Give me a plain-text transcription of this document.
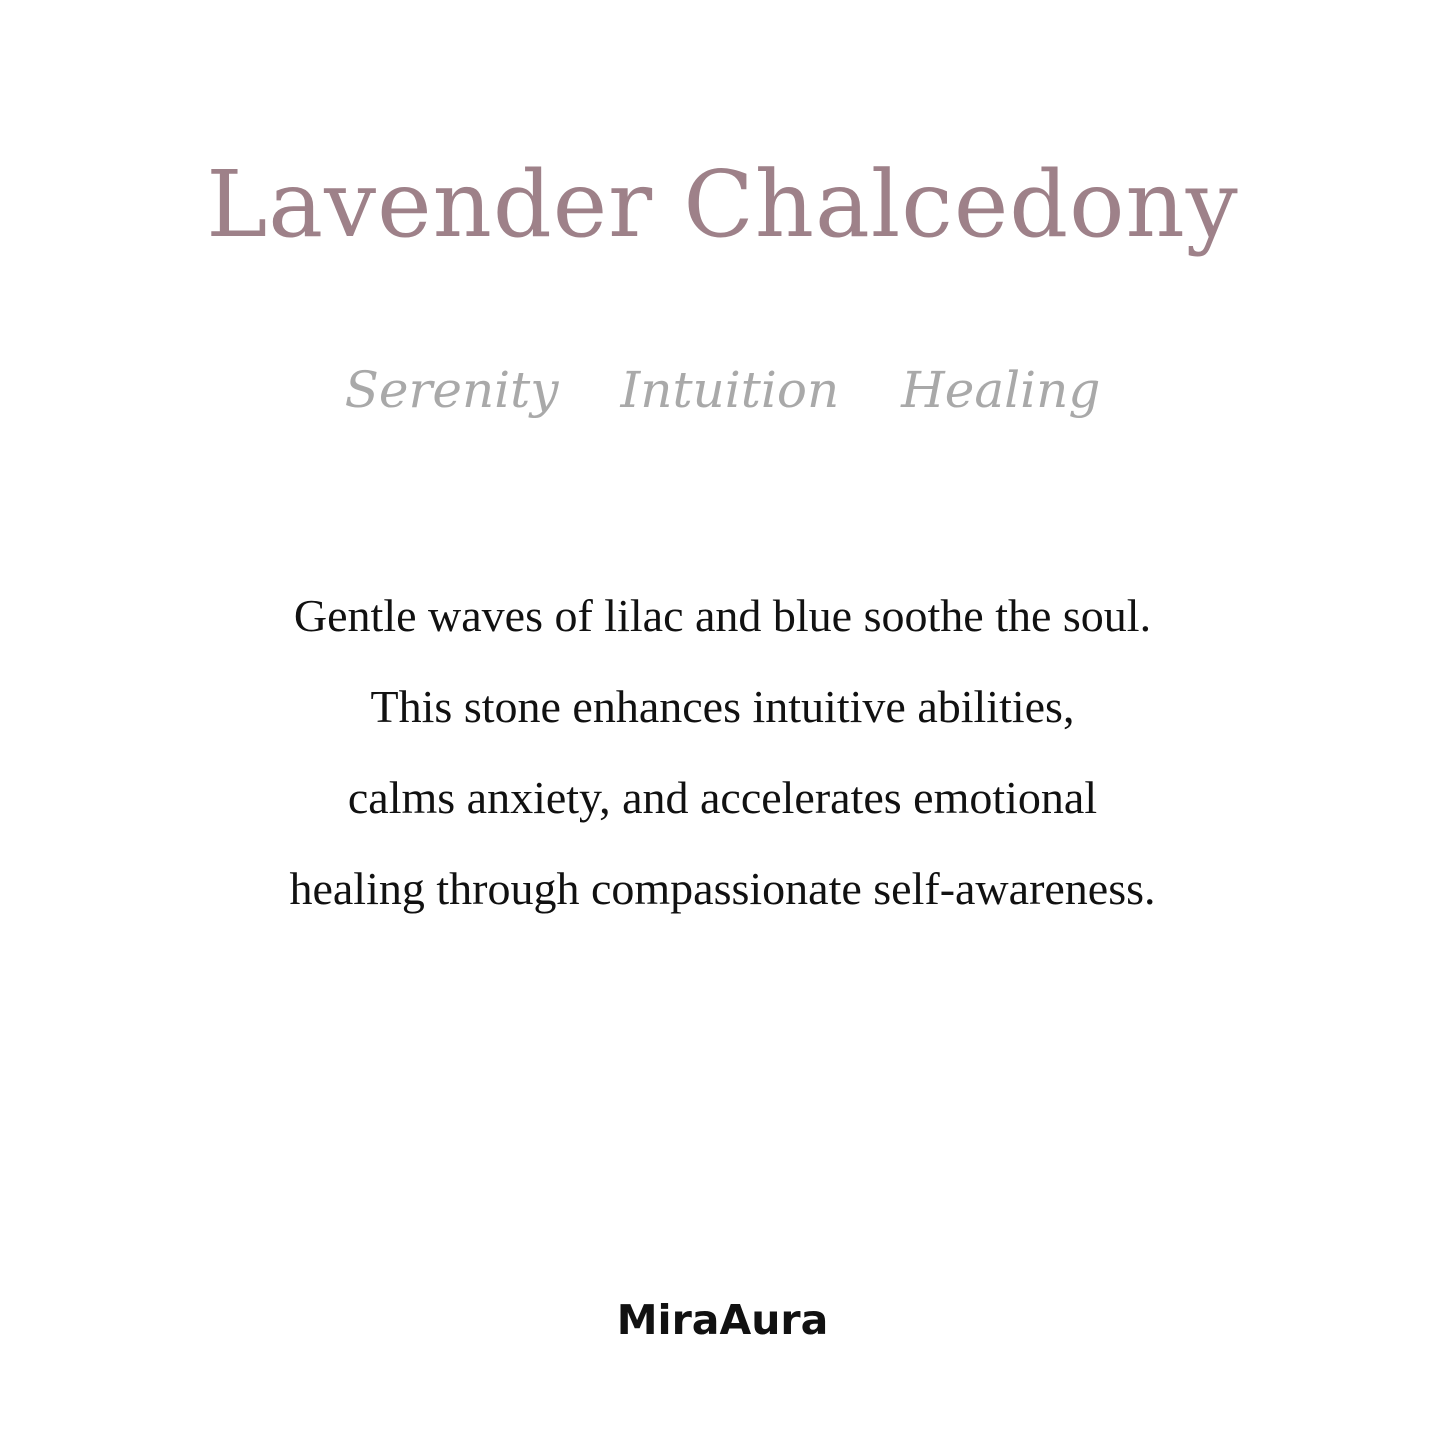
Lavender Chalcedony
Serenity Intuition Healing
Gentle waves of lilac and blue soothe the soul.
This stone enhances intuitive abilities,
calms anxiety, and accelerates emotional
healing through compassionate self-awareness.
MiraAura
